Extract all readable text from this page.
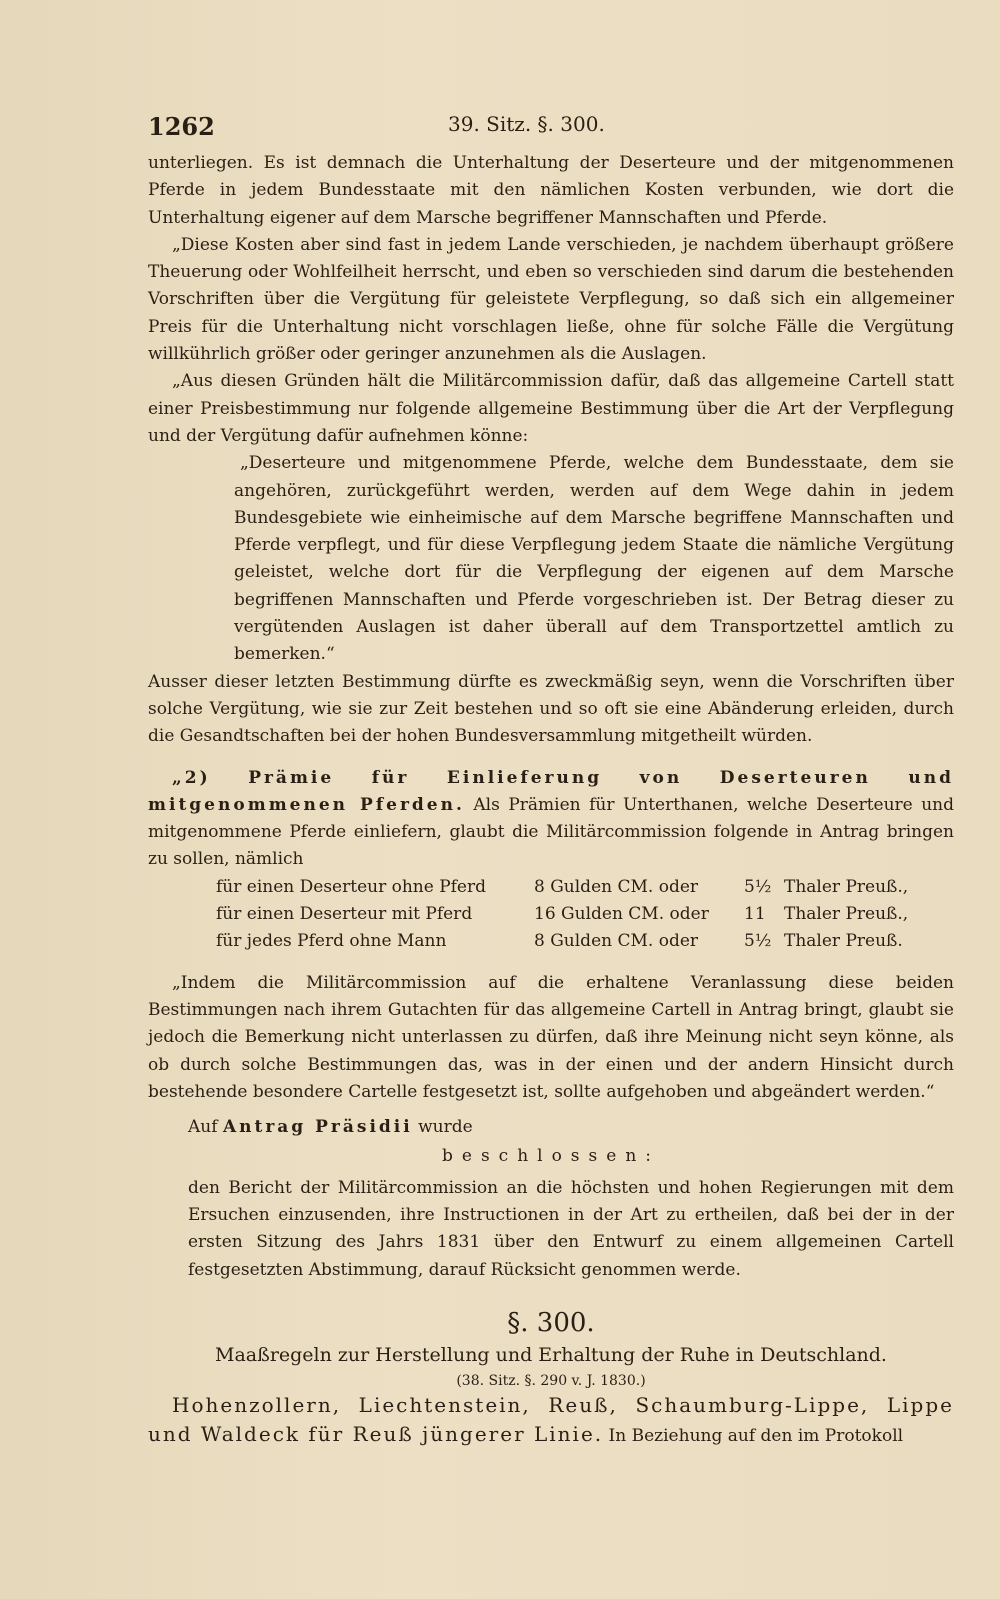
1262	39. Sitz. §. 300.

unterliegen. Es ist demnach die Unterhaltung der Deserteure und der mitgenommenen Pferde in jedem Bundesstaate mit den nämlichen Kosten verbunden, wie dort die Unterhaltung eigener auf dem Marsche begriffener Mannschaften und Pferde.

„Diese Kosten aber sind fast in jedem Lande verschieden, je nachdem überhaupt größere Theuerung oder Wohlfeilheit herrscht, und eben so verschieden sind darum die bestehenden Vorschriften über die Vergütung für geleistete Verpflegung, so daß sich ein allgemeiner Preis für die Unterhaltung nicht vorschlagen ließe, ohne für solche Fälle die Vergütung willkührlich größer oder geringer anzunehmen als die Auslagen.

„Aus diesen Gründen hält die Militärcommission dafür, daß das allgemeine Cartell statt einer Preisbestimmung nur folgende allgemeine Bestimmung über die Art der Verpflegung und der Vergütung dafür aufnehmen könne:

„Deserteure und mitgenommene Pferde, welche dem Bundesstaate, dem sie angehören, zurückgeführt werden, werden auf dem Wege dahin in jedem Bundesgebiete wie einheimische auf dem Marsche begriffene Mannschaften und Pferde verpflegt, und für diese Verpflegung jedem Staate die nämliche Vergütung geleistet, welche dort für die Verpflegung der eigenen auf dem Marsche begriffenen Mannschaften und Pferde vorgeschrieben ist. Der Betrag dieser zu vergütenden Auslagen ist daher überall auf dem Transportzettel amtlich zu bemerken.“

Ausser dieser letzten Bestimmung dürfte es zweckmäßig seyn, wenn die Vorschriften über solche Vergütung, wie sie zur Zeit bestehen und so oft sie eine Abänderung erleiden, durch die Gesandtschaften bei der hohen Bundesversammlung mitgetheilt würden.

„2) Prämie für Einlieferung von Deserteuren und mitgenommenen Pferden. Als Prämien für Unterthanen, welche Deserteure und mitgenommene Pferde einliefern, glaubt die Militärcommission folgende in Antrag bringen zu sollen, nämlich

für einen Deserteur ohne Pferd	8 Gulden CM. oder	5½ Thaler Preuß.,
für einen Deserteur mit Pferd	16 Gulden CM. oder	11	Thaler Preuß.,
für jedes Pferd ohne Mann	8 Gulden CM. oder	5½ Thaler Preuß.

„Indem die Militärcommission auf die erhaltene Veranlassung diese beiden Bestimmungen nach ihrem Gutachten für das allgemeine Cartell in Antrag bringt, glaubt sie jedoch die Bemerkung nicht unterlassen zu dürfen, daß ihre Meinung nicht seyn könne, als ob durch solche Bestimmungen das, was in der einen und der andern Hinsicht durch bestehende besondere Cartelle festgesetzt ist, sollte aufgehoben und abgeändert werden.“

Auf Antrag Präsidii wurde

beschlossen:

den Bericht der Militärcommission an die höchsten und hohen Regierungen mit dem Ersuchen einzusenden, ihre Instructionen in der Art zu ertheilen, daß bei der in der ersten Sitzung des Jahrs 1831 über den Entwurf zu einem allgemeinen Cartell festgesetzten Abstimmung, darauf Rücksicht genommen werde.

§. 300.

Maaßregeln zur Herstellung und Erhaltung der Ruhe in Deutschland.

(38. Sitz. §. 290 v. J. 1830.)

Hohenzollern, Liechtenstein, Reuß, Schaumburg-Lippe, Lippe und Waldeck für Reuß jüngerer Linie. In Beziehung auf den im Protokoll
